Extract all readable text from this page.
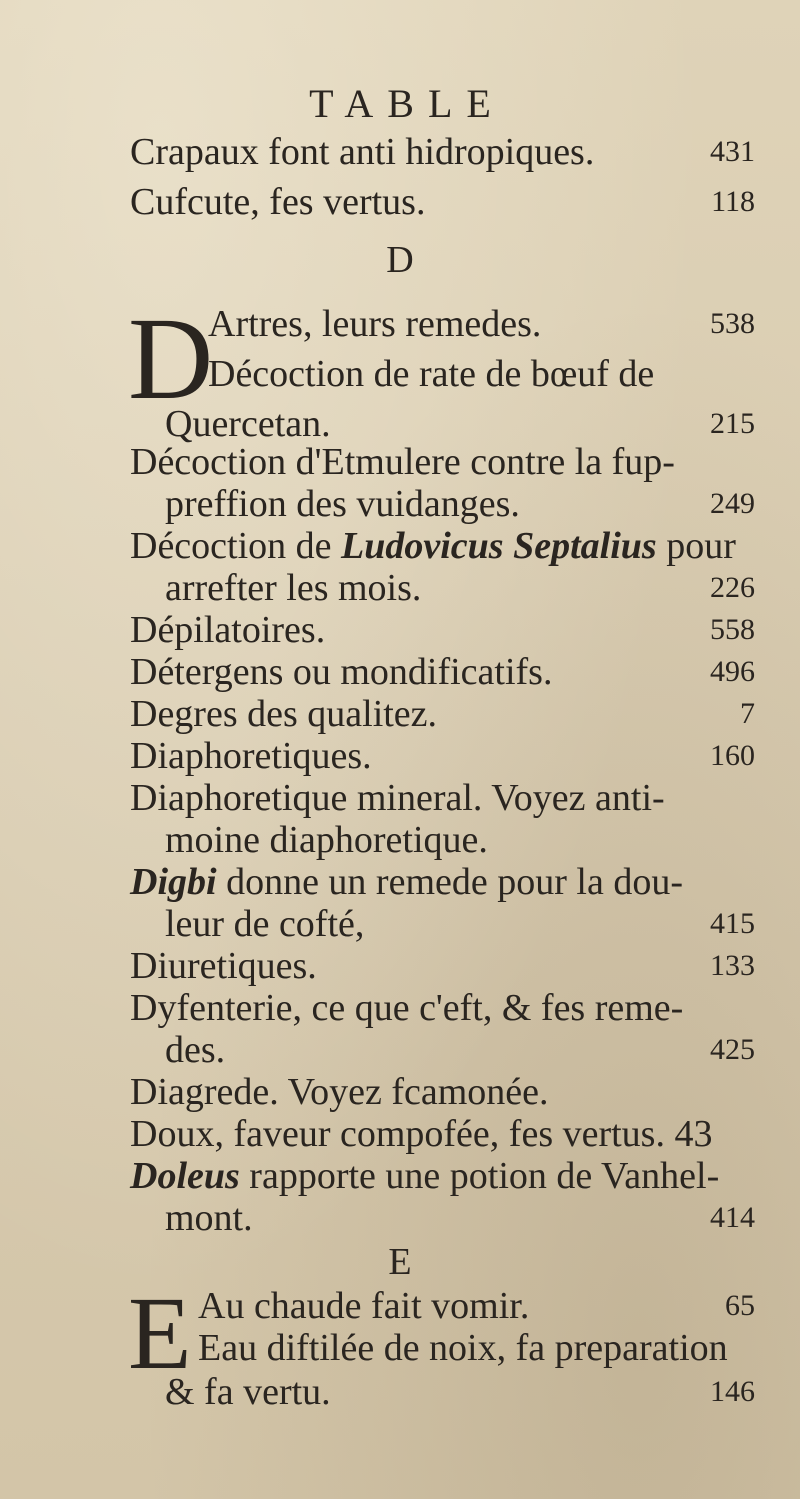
TABLE
Crapaux font anti hidropiques.	431
Cufcute, fes vertus.	118
D
D
Artres, leurs remedes.	538
Décoction de rate de bœuf de
Quercetan.	215
Décoction d'Etmulere contre la fup-
preffion des vuidanges.	249
Décoction de Ludovicus Septalius pour
arrefter les mois.	226
Dépilatoires.	558
Détergens ou mondificatifs.	496
Degres des qualitez.	7
Diaphoretiques.	160
Diaphoretique mineral. Voyez anti-
moine diaphoretique.
Digbi donne un remede pour la dou-
leur de cofté,	415
Diuretiques.	133
Dyfenterie, ce que c'eft, & fes reme-
des.	425
Diagrede. Voyez fcamonée.
Doux, faveur compofée, fes vertus. 43
Doleus rapporte une potion de Vanhel-
mont.	414
E
E Au chaude fait vomir.	65
Eau diftilée de noix, fa preparation
& fa vertu.	146
